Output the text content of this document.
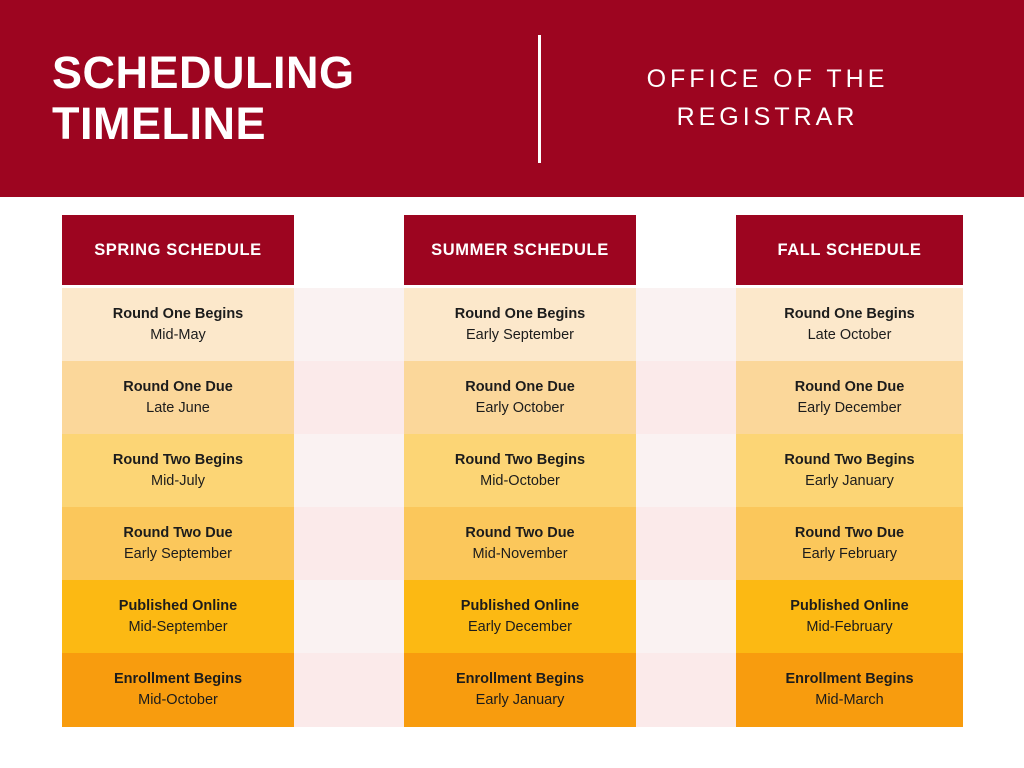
SCHEDULING
TIMELINE
OFFICE OF THE
REGISTRAR
SPRING SCHEDULE	SUMMER SCHEDULE	FALL SCHEDULE
Round One Begins
Mid-May
Round One Begins
Early September
Round One Begins
Late October
Round One Due
Late June
Round One Due
Early October
Round One Due
Early December
Round Two Begins
Mid-July
Round Two Begins
Mid-October
Round Two Begins
Early January
Round Two Due
Early September
Round Two Due
Mid-November
Round Two Due
Early February
Published Online
Mid-September
Published Online
Early December
Published Online
Mid-February
Enrollment Begins
Mid-October
Enrollment Begins
Early January
Enrollment Begins
Mid-March
